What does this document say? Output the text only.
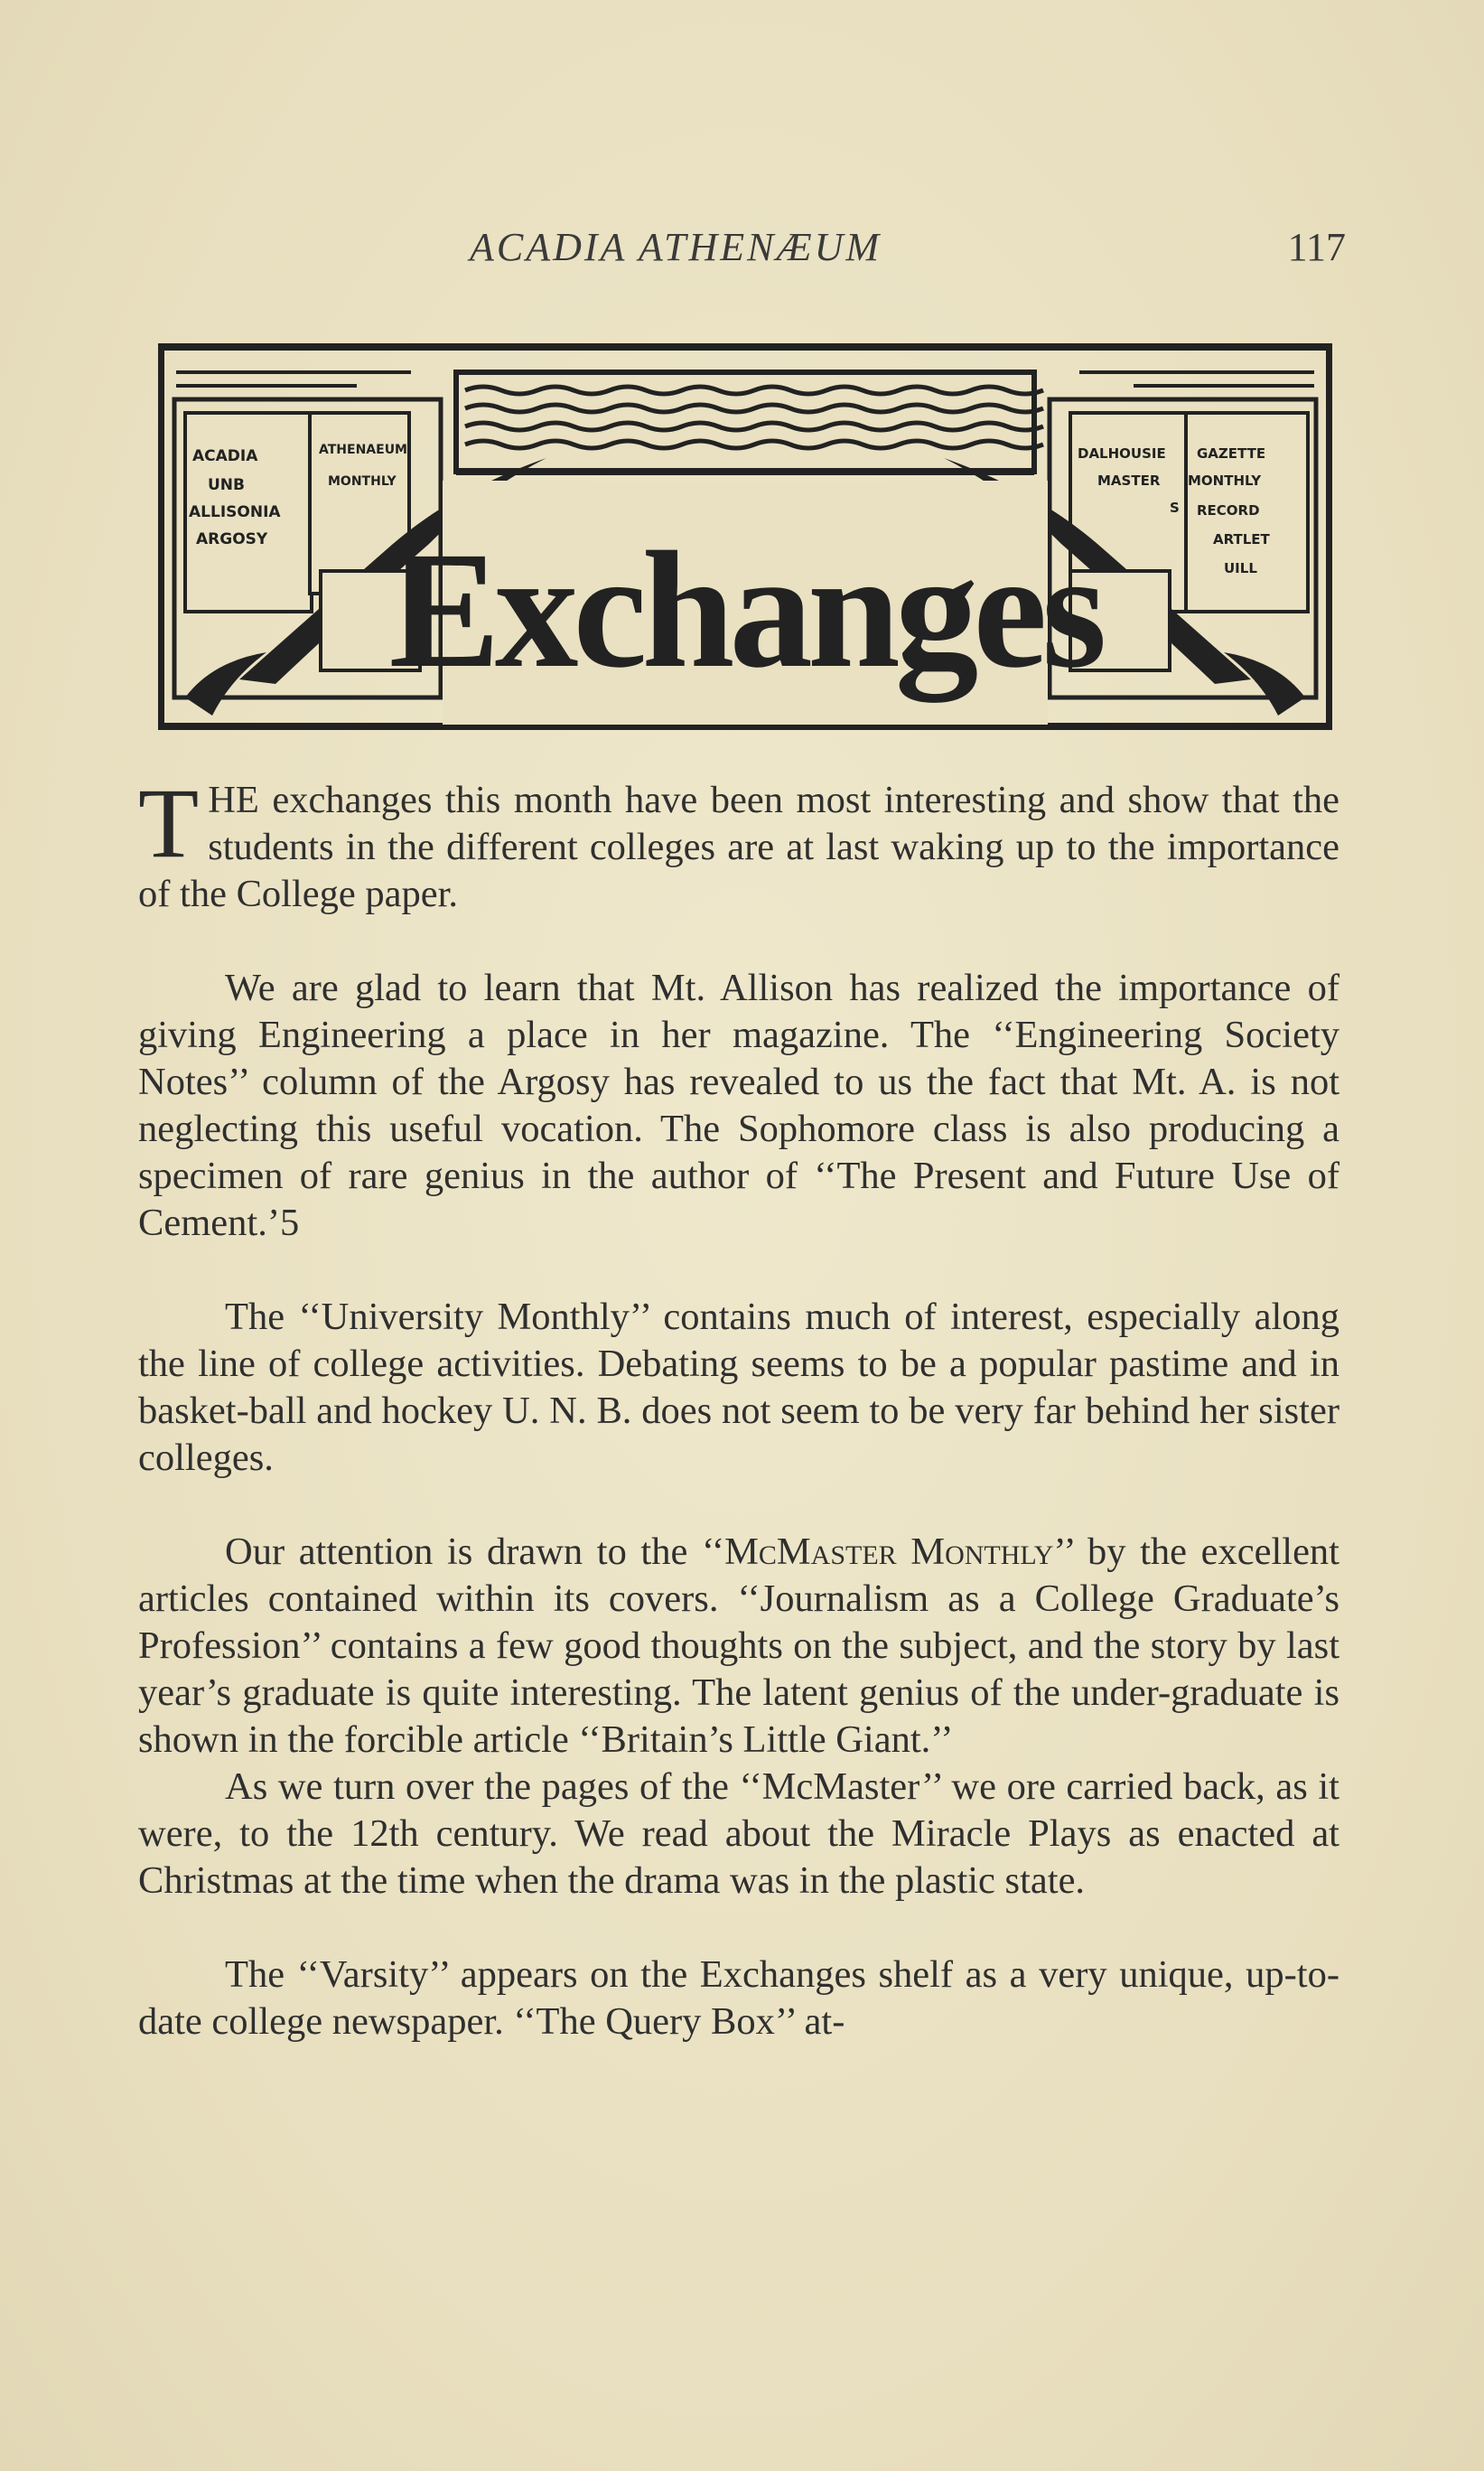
ACADIA ATHENÆUM	117
ACADIA
UNB
ALLISONIA
ARGOSY
ATHENAEUM
MONTHLY
DALHOUSIE
MASTER
S
ARTLET
UILL
GAZETTE
MONTHLY
RECORD
Exchanges

THE exchanges this month have been most interesting and show that the students in the different colleges are at last waking up to the importance of the College paper.

We are glad to learn that Mt. Allison has realized the importance of giving Engineering a place in her magazine. The ‘‘Engineering Society Notes’’ column of the Argosy has revealed to us the fact that Mt. A. is not neglecting this useful vocation. The Sophomore class is also producing a specimen of rare genius in the author of ‘‘The Present and Future Use of Cement.’5

The ‘‘University Monthly’’ contains much of interest, especially along the line of college activities. Debating seems to be a popular pastime and in basket-ball and hockey U. N. B. does not seem to be very far behind her sister colleges.

Our attention is drawn to the ‘‘McMaster Monthly’’ by the excellent articles contained within its covers. ‘‘Journalism as a College Graduate’s Profession’’ contains a few good thoughts on the subject, and the story by last year’s graduate is quite interesting. The latent genius of the under-graduate is shown in the forcible article ‘‘Britain’s Little Giant.’’

As we turn over the pages of the ‘‘McMaster’’ we ore carried back, as it were, to the 12th century. We read about the Miracle Plays as enacted at Christmas at the time when the drama was in the plastic state.

The ‘‘Varsity’’ appears on the Exchanges shelf as a very unique, up-to-date college newspaper. ‘‘The Query Box’’ at-
